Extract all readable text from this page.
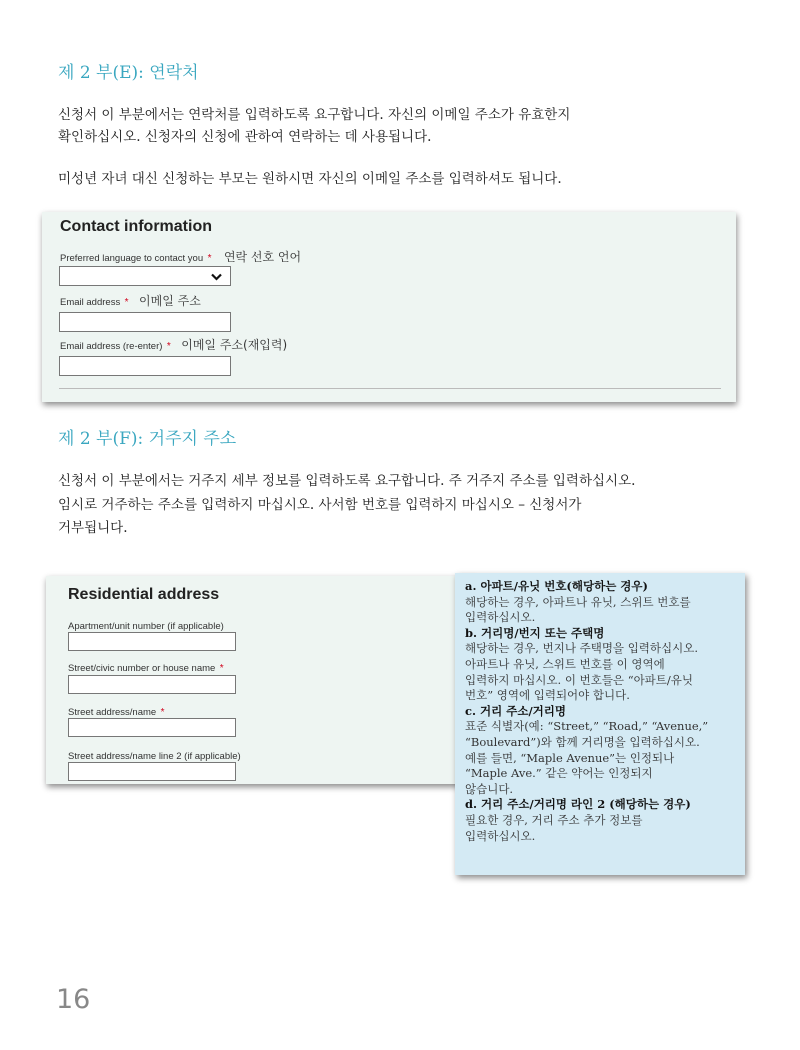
제 2 부(E): 연락처
신청서 이 부분에서는 연락처를 입력하도록 요구합니다. 자신의 이메일 주소가 유효한지
확인하십시오. 신청자의 신청에 관하여 연락하는 데 사용됩니다.
미성년 자녀 대신 신청하는 부모는 원하시면 자신의 이메일 주소를 입력하셔도 됩니다.
Contact information
Preferred language to contact you * 연락 선호 언어
Email address * 이메일 주소
Email address (re-enter) * 이메일 주소(재입력)
제 2 부(F): 거주지 주소
신청서 이 부분에서는 거주지 세부 정보를 입력하도록 요구합니다. 주 거주지 주소를 입력하십시오.
임시로 거주하는 주소를 입력하지 마십시오. 사서함 번호를 입력하지 마십시오 – 신청서가
거부됩니다.
Residential address
Apartment/unit number (if applicable)
Street/civic number or house name *
Street address/name *
Street address/name line 2 (if applicable)
a. 아파트/유닛 번호(해당하는 경우)
해당하는 경우, 아파트나 유닛, 스위트 번호를
입력하십시오.
b. 거리명/번지 또는 주택명
해당하는 경우, 번지나 주택명을 입력하십시오.
아파트나 유닛, 스위트 번호를 이 영역에
입력하지 마십시오. 이 번호들은 “아파트/유닛
번호” 영역에 입력되어야 합니다.
c. 거리 주소/거리명
표준 식별자(예: “Street,” “Road,” “Avenue,”
“Boulevard”)와 함께 거리명을 입력하십시오.
예를 들면, “Maple Avenue”는 인정되나
“Maple Ave.” 같은 약어는 인정되지
않습니다.
d. 거리 주소/거리명 라인 2 (해당하는 경우)
필요한 경우, 거리 주소 추가 정보를
입력하십시오.
16
